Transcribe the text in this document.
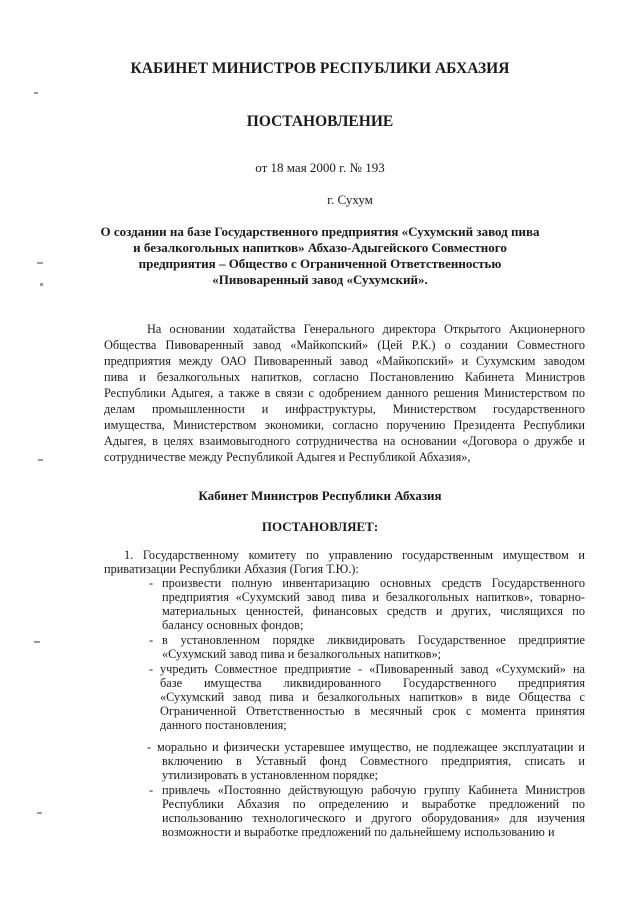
КАБИНЕТ МИНИСТРОВ РЕСПУБЛИКИ АБХАЗИЯ
ПОСТАНОВЛЕНИЕ
от 18 мая 2000 г. № 193
г. Сухум
О создании на базе Государственного предприятия «Сухумский завод пива
и безалкогольных напитков» Абхазо-Адыгейского Совместного
предприятия – Общество с Ограниченной Ответственностью
«Пивоваренный завод «Сухумский».
На основании ходатайства Генерального директора Открытого Акционерного
Общества Пивоваренный завод «Майкопский» (Цей Р.К.) о создании Совместного
предприятия между ОАО Пивоваренный завод «Майкопский» и Сухумским заводом
пива и безалкогольных напитков, согласно Постановлению Кабинета Министров
Республики Адыгея, а также в связи с одобрением данного решения Министерством по
делам промышленности и инфраструктуры, Министерством государственного
имущества, Министерством экономики, согласно поручению Президента Республики
Адыгея, в целях взаимовыгодного сотрудничества на основании «Договора о дружбе и
сотрудничестве между Республикой Адыгея и Республикой Абхазия»,
Кабинет Министров Республики Абхазия
ПОСТАНОВЛЯЕТ:
1. Государственному комитету по управлению государственным имуществом и
приватизации Республики Абхазия (Гогия Т.Ю.):
- произвести полную инвентаризацию основных средств Государственного
предприятия «Сухумский завод пива и безалкогольных напитков», товарно-
материальных ценностей, финансовых средств и других, числящихся по
балансу основных фондов;
- в установленном порядке ликвидировать Государственное предприятие
«Сухумский завод пива и безалкогольных напитков»;
- учредить Совместное предприятие - «Пивоваренный завод «Сухумский» на
базе имущества ликвидированного Государственного предприятия
«Сухумский завод пива и безалкогольных напитков» в виде Общества с
Ограниченной Ответственностью в месячный срок с момента принятия
данного постановления;
- морально и физически устаревшее имущество, не подлежащее эксплуатации и
включению в Уставный фонд Совместного предприятия, списать и
утилизировать в установленном порядке;
- привлечь «Постоянно действующую рабочую группу Кабинета Министров
Республики Абхазия по определению и выработке предложений по
использованию технологического и другого оборудования» для изучения
возможности и выработке предложений по дальнейшему использованию и
